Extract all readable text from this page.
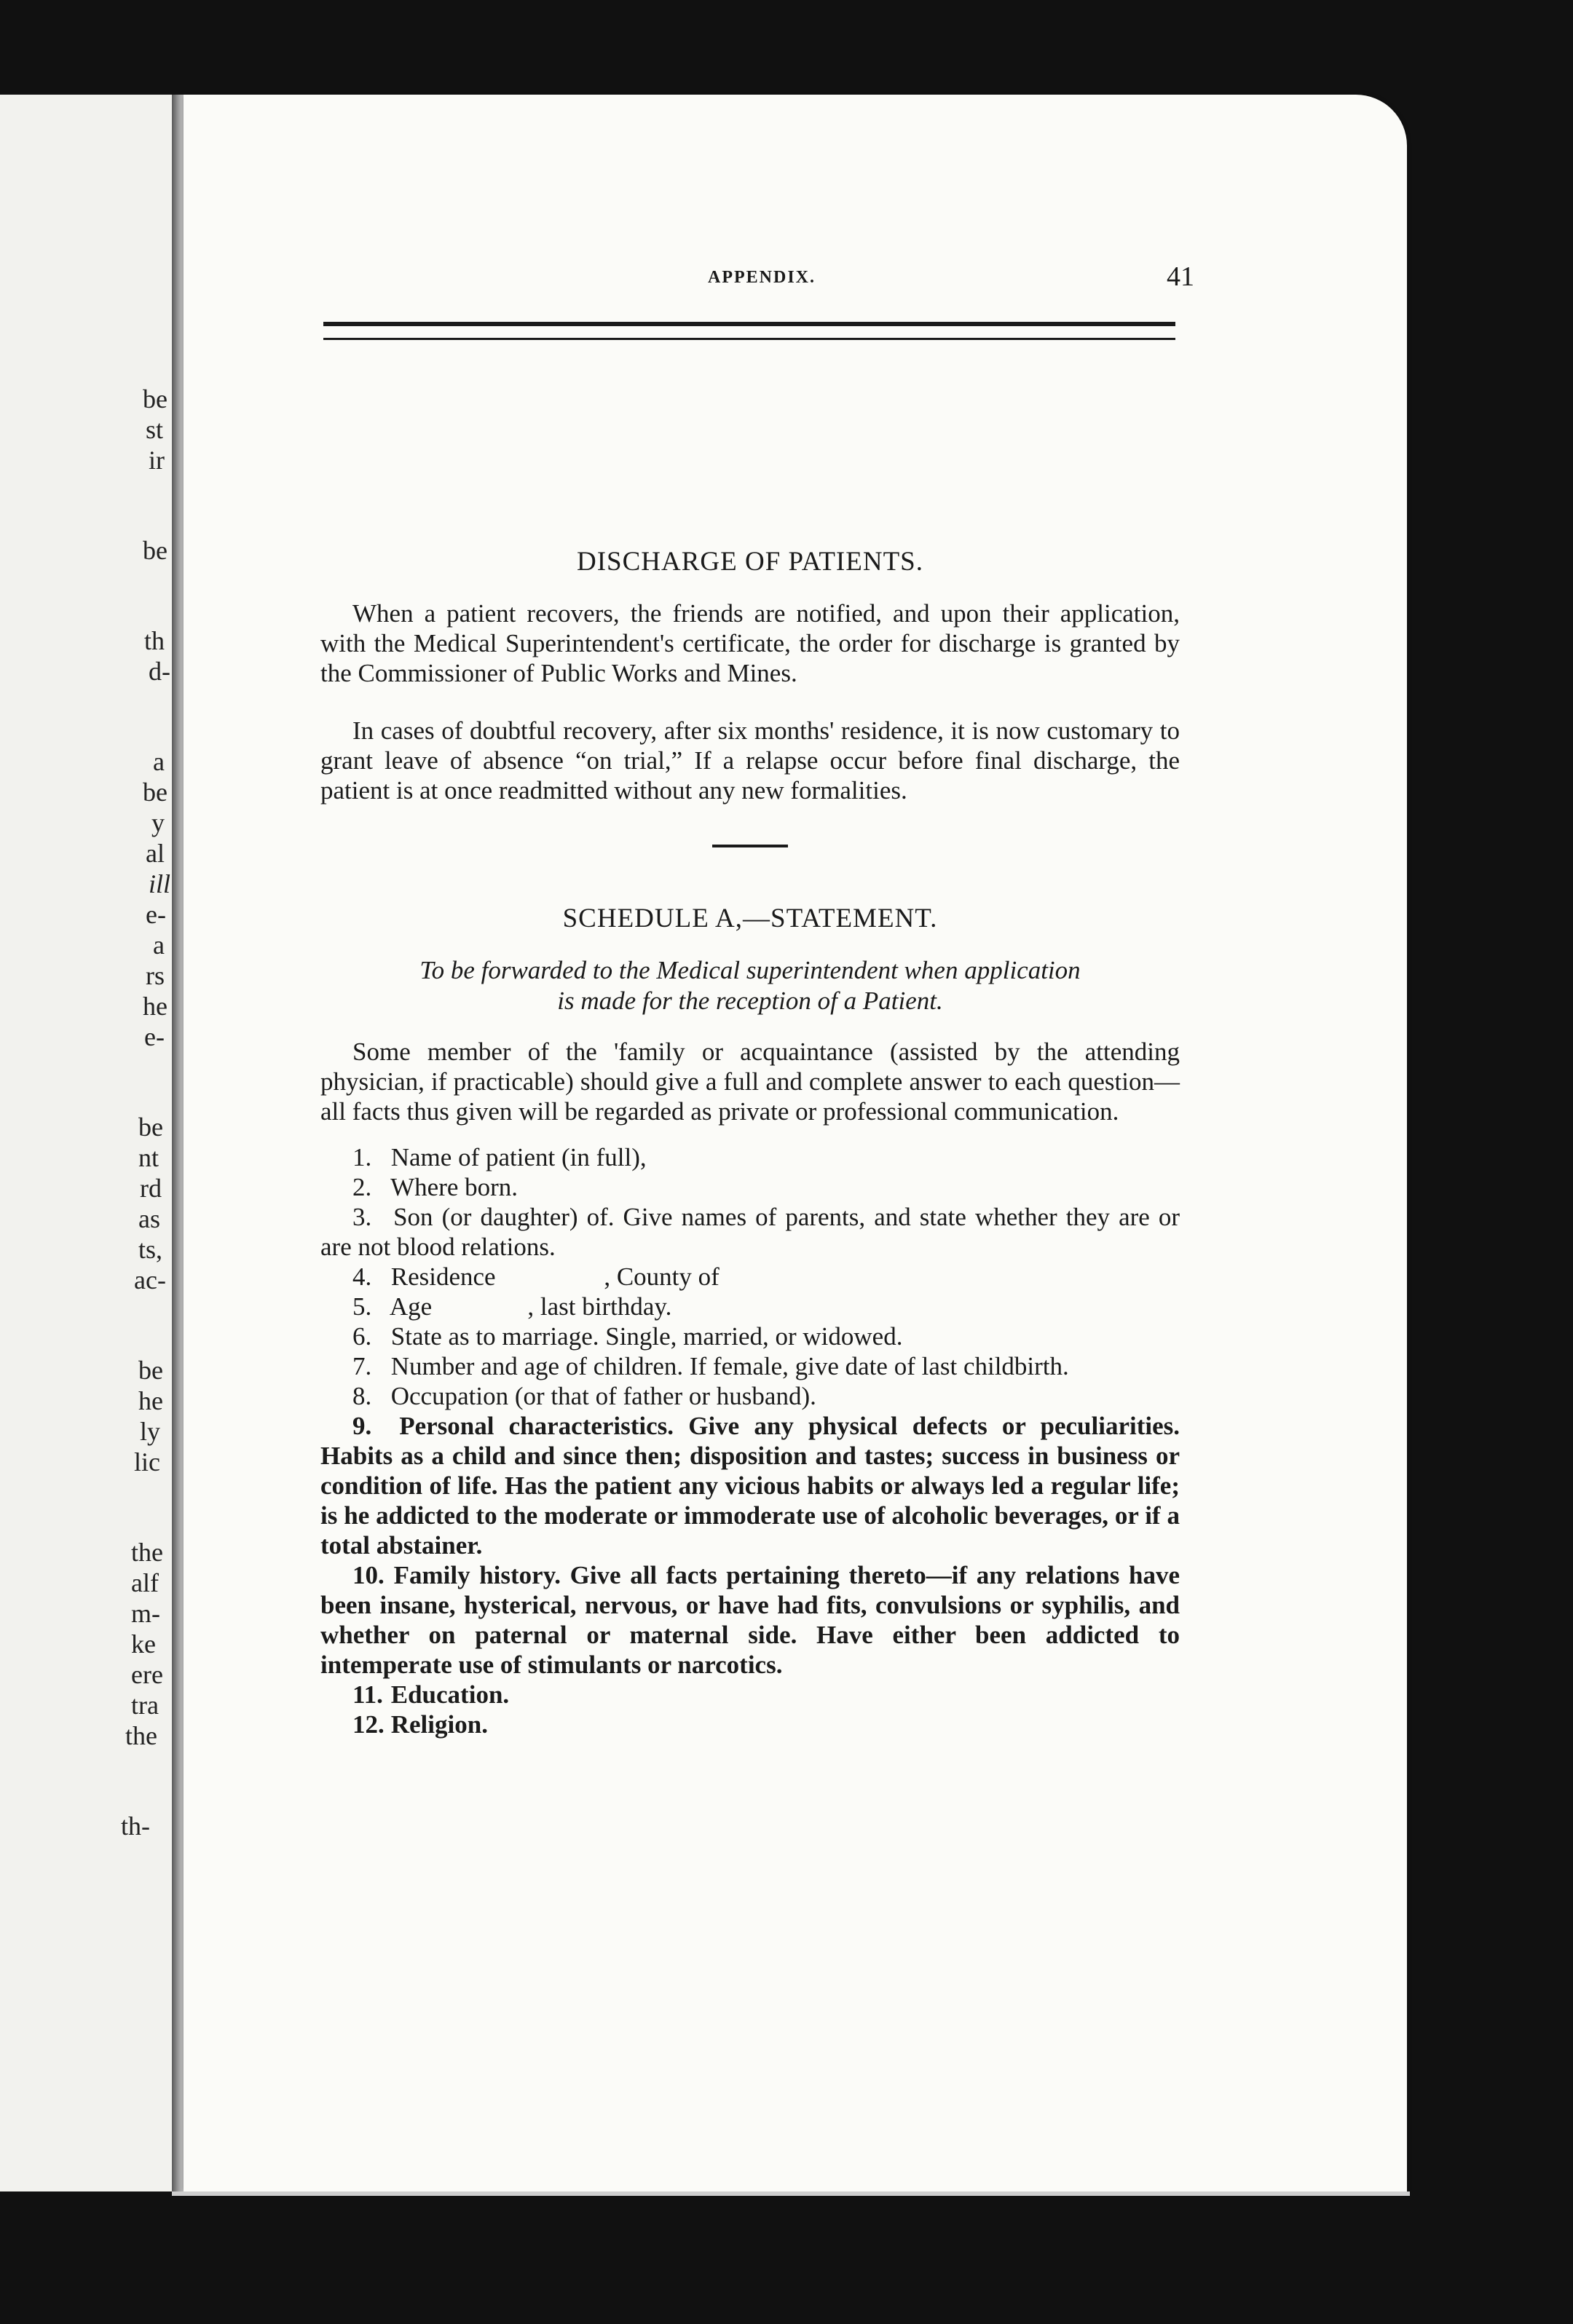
be
st
ir
be
th
d-
a
be
y
al
ill
e-
a
rs
he
e-
be
nt
rd
as
ts,
ac-
be
he
ly
lic
the
alf
m-
ke
ere
tra
the
th-
APPENDIX.	41
DISCHARGE OF PATIENTS.

When a patient recovers, the friends are notified, and upon their application, with the Medical Superintendent's certificate, the order for discharge is granted by the Commissioner of Public Works and Mines.

In cases of doubtful recovery, after six months' residence, it is now customary to grant leave of absence “on trial,” If a relapse occur before final discharge, the patient is at once readmitted without any new formalities.

SCHEDULE A,—STATEMENT.
To be forwarded to the Medical superintendent when application
is made for the reception of a Patient.

Some member of the 'family or acquaintance (assisted by the attending physician, if practicable) should give a full and complete answer to each question—all facts thus given will be regarded as private or professional communication.

1. Name of patient (in full),
2. Where born.
3. Son (or daughter) of. Give names of parents, and state whether they are or are not blood relations.
4. Residence                 , County of
5. Age               , last birthday.
6. State as to marriage. Single, married, or widowed.
7. Number and age of children. If female, give date of last childbirth.
8. Occupation (or that of father or husband).
9. Personal characteristics. Give any physical defects or peculiarities. Habits as a child and since then; disposition and tastes; success in business or condition of life. Has the patient any vicious habits or always led a regular life; is he addicted to the moderate or immoderate use of alcoholic beverages, or if a total abstainer.
10. Family history. Give all facts pertaining thereto—if any relations have been insane, hysterical, nervous, or have had fits, convulsions or syphilis, and whether on paternal or maternal side. Have either been addicted to intemperate use of stimulants or narcotics.
11. Education.
12. Religion.
